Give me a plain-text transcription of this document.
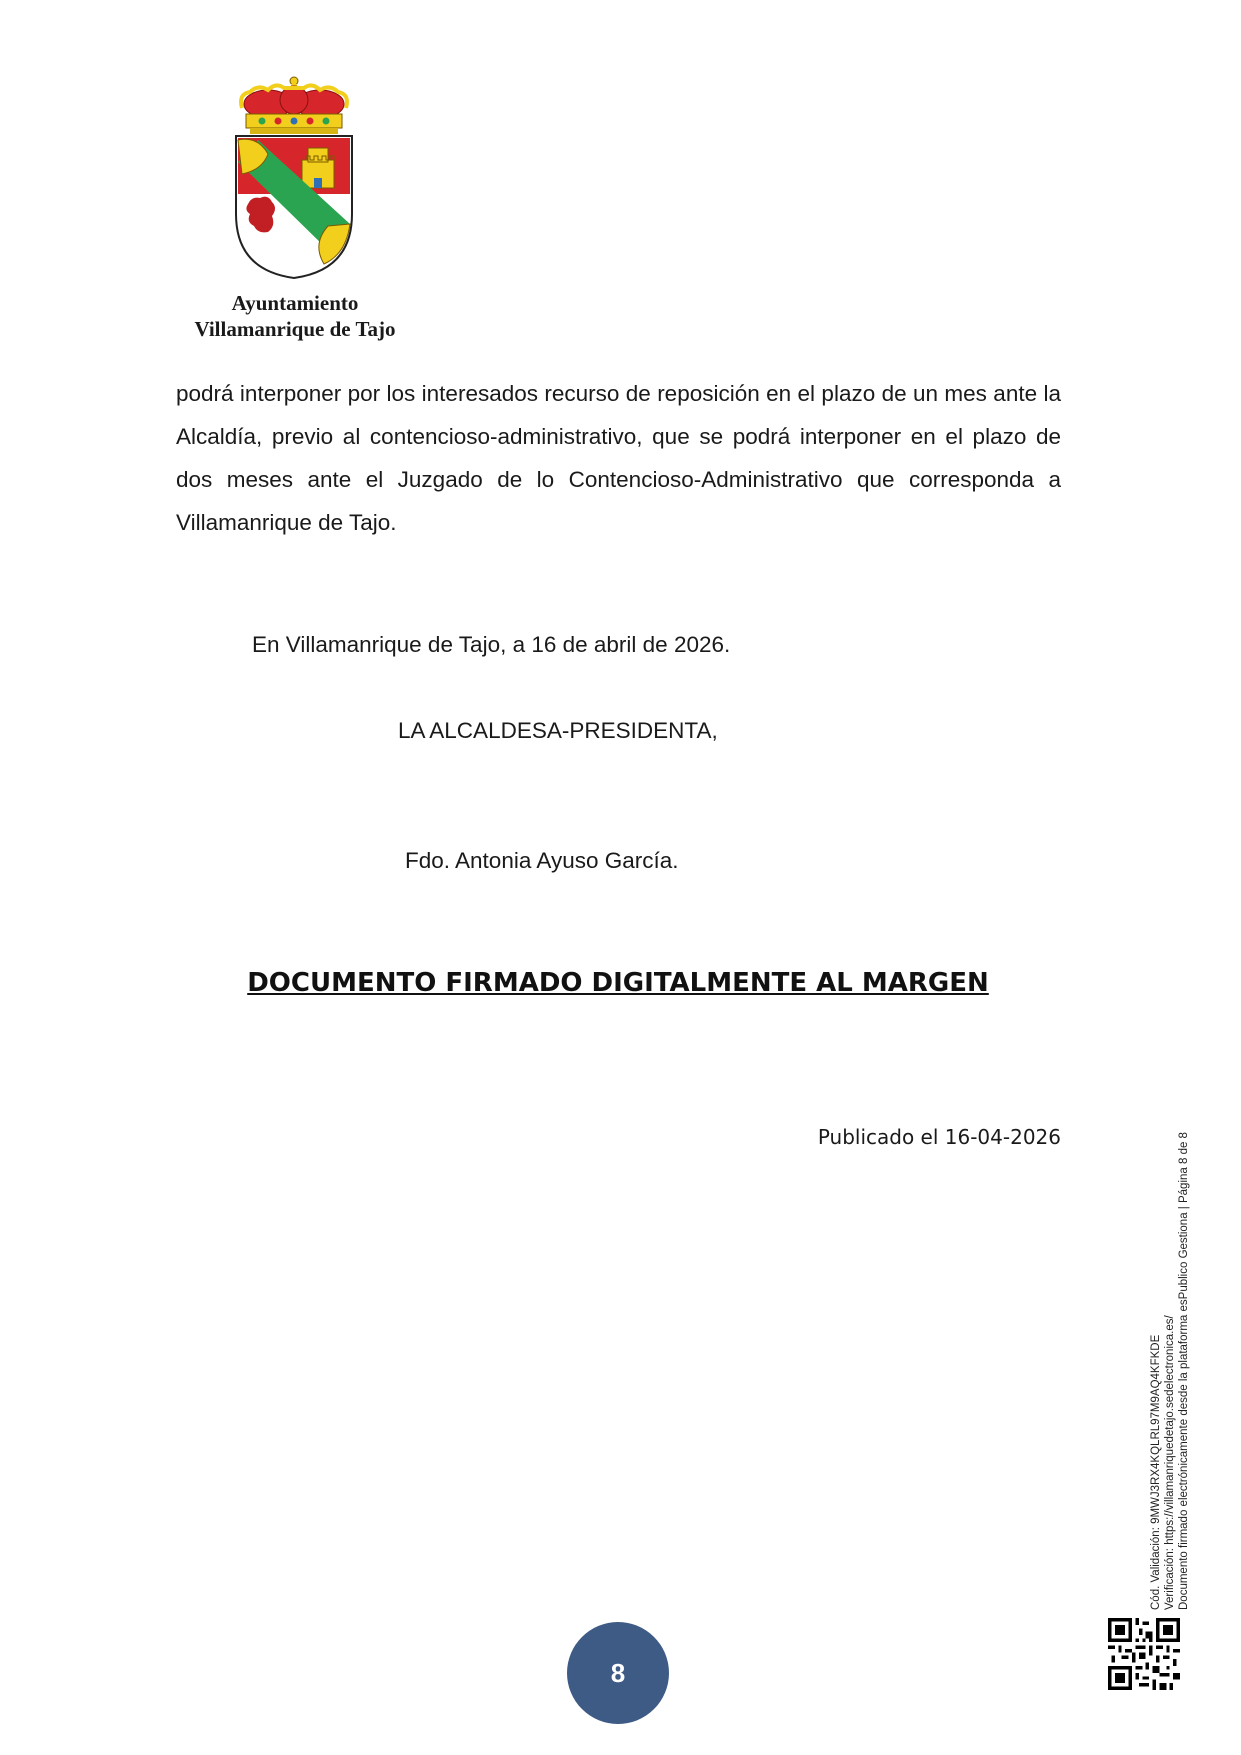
Ayuntamiento
Villamanrique de Tajo

podrá interponer por los interesados recurso de reposición en el plazo de un mes ante la Alcaldía, previo al contencioso-administrativo, que se podrá interponer en el plazo de dos meses ante el Juzgado de lo Contencioso-Administrativo que corresponda a Villamanrique de Tajo.

En Villamanrique de Tajo, a 16 de abril de 2026.
LA ALCALDESA-PRESIDENTA,
Fdo. Antonia Ayuso García.
DOCUMENTO FIRMADO DIGITALMENTE AL MARGEN
Publicado el 16-04-2026
Cód. Validación: 9MWJ3RX4KQLRL97M9AQ4KFKDE Verificación: https://villamanriquedetajo.sedelectronica.es/ Documento firmado electrónicamente desde la plataforma esPublico Gestiona | Página 8 de 8
8
